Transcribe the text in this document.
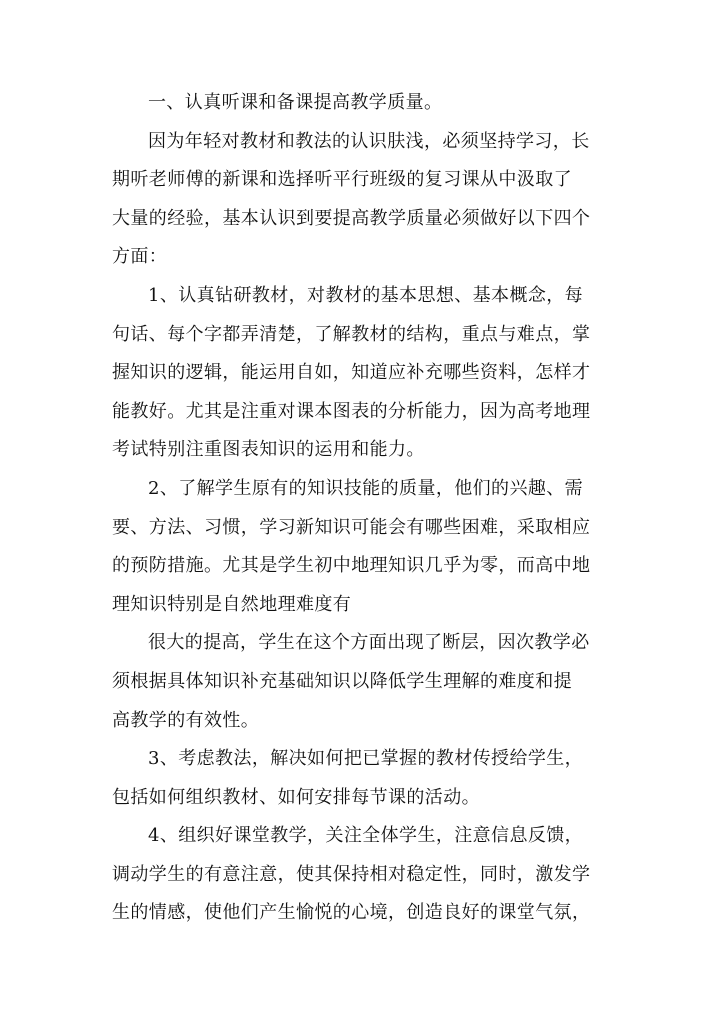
一、认真听课和备课提高教学质量。
因为年轻对教材和教法的认识肤浅，必须坚持学习，长
期听老师傅的新课和选择听平行班级的复习课从中汲取了
大量的经验，基本认识到要提高教学质量必须做好以下四个
方面：
1、认真钻研教材，对教材的基本思想、基本概念，每
句话、每个字都弄清楚，了解教材的结构，重点与难点，掌
握知识的逻辑，能运用自如，知道应补充哪些资料，怎样才
能教好。尤其是注重对课本图表的分析能力，因为高考地理
考试特别注重图表知识的运用和能力。
2、了解学生原有的知识技能的质量，他们的兴趣、需
要、方法、习惯，学习新知识可能会有哪些困难，采取相应
的预防措施。尤其是学生初中地理知识几乎为零，而高中地
理知识特别是自然地理难度有
很大的提高，学生在这个方面出现了断层，因次教学必
须根据具体知识补充基础知识以降低学生理解的难度和提
高教学的有效性。
3、考虑教法，解决如何把已掌握的教材传授给学生，
包括如何组织教材、如何安排每节课的活动。
4、组织好课堂教学，关注全体学生，注意信息反馈，
调动学生的有意注意，使其保持相对稳定性，同时，激发学
生的情感，使他们产生愉悦的心境，创造良好的课堂气氛，
